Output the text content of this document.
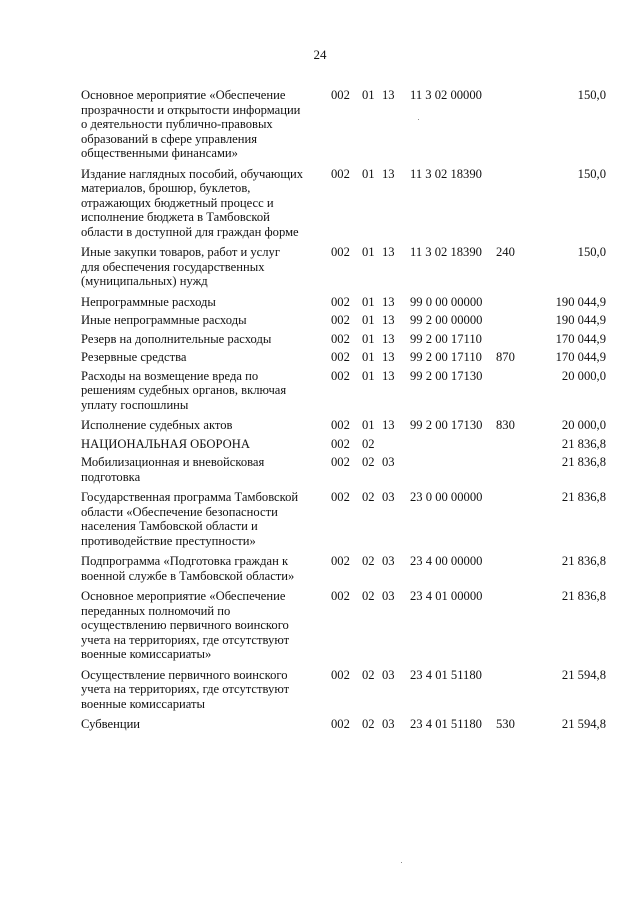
24
Основное мероприятие «Обеспечение
прозрачности и открытости информации
о деятельности публично-правовых
образований в сфере управления
общественными финансами»
002 01 13 11 3 02 00000	150,0
Издание наглядных пособий, обучающих
материалов, брошюр, буклетов,
отражающих бюджетный процесс и
исполнение бюджета в Тамбовской
области в доступной для граждан форме
002 01 13 11 3 02 18390	150,0
Иные закупки товаров, работ и услуг
для обеспечения государственных
(муниципальных) нужд
002 01 13 11 3 02 18390 240	150,0
Непрограммные расходы	002 01 13 99 0 00 00000	190 044,9
Иные непрограммные расходы	002 01 13 99 2 00 00000	190 044,9
Резерв на дополнительные расходы	002 01 13 99 2 00 17110	170 044,9
Резервные средства	002 01 13 99 2 00 17110 870	170 044,9
Расходы на возмещение вреда по
решениям судебных органов, включая
уплату госпошлины
002 01 13 99 2 00 17130	20 000,0
Исполнение судебных актов	002 01 13 99 2 00 17130 830	20 000,0
НАЦИОНАЛЬНАЯ ОБОРОНА	002 02	21 836,8
Мобилизационная и вневойсковая
подготовка
002 02 03	21 836,8
Государственная программа Тамбовской
области «Обеспечение безопасности
населения Тамбовской области и
противодействие преступности»
002 02 03 23 0 00 00000	21 836,8
Подпрограмма «Подготовка граждан к
военной службе в Тамбовской области»
002 02 03 23 4 00 00000	21 836,8
Основное мероприятие «Обеспечение
переданных полномочий по
осуществлению первичного воинского
учета на территориях, где отсутствуют
военные комиссариаты»
002 02 03 23 4 01 00000	21 836,8
Осуществление первичного воинского
учета на территориях, где отсутствуют
военные комиссариаты
002 02 03 23 4 01 51180	21 594,8
Субвенции	002 02 03 23 4 01 51180 530	21 594,8
